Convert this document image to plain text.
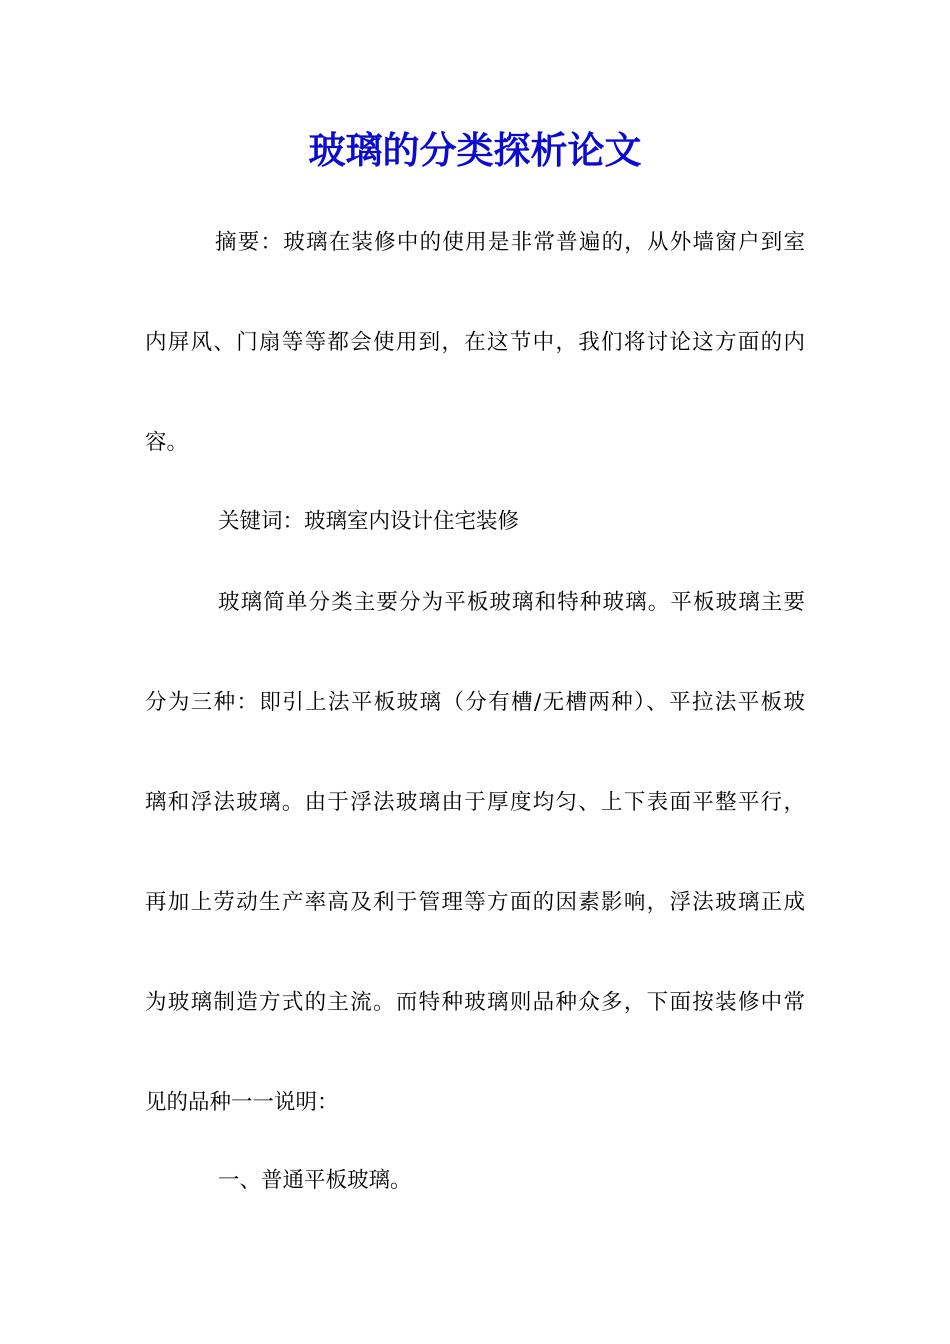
玻璃的分类探析论文
摘要：玻璃在装修中的使用是非常普遍的，从外墙窗户到室
内屏风、门扇等等都会使用到，在这节中，我们将讨论这方面的内
容。
关键词：玻璃室内设计住宅装修
玻璃简单分类主要分为平板玻璃和特种玻璃。平板玻璃主要
分为三种：即引上法平板玻璃（分有槽/无槽两种）、平拉法平板玻
璃和浮法玻璃。由于浮法玻璃由于厚度均匀、上下表面平整平行，
再加上劳动生产率高及利于管理等方面的因素影响，浮法玻璃正成
为玻璃制造方式的主流。而特种玻璃则品种众多，下面按装修中常
见的品种一一说明：
一、普通平板玻璃。
